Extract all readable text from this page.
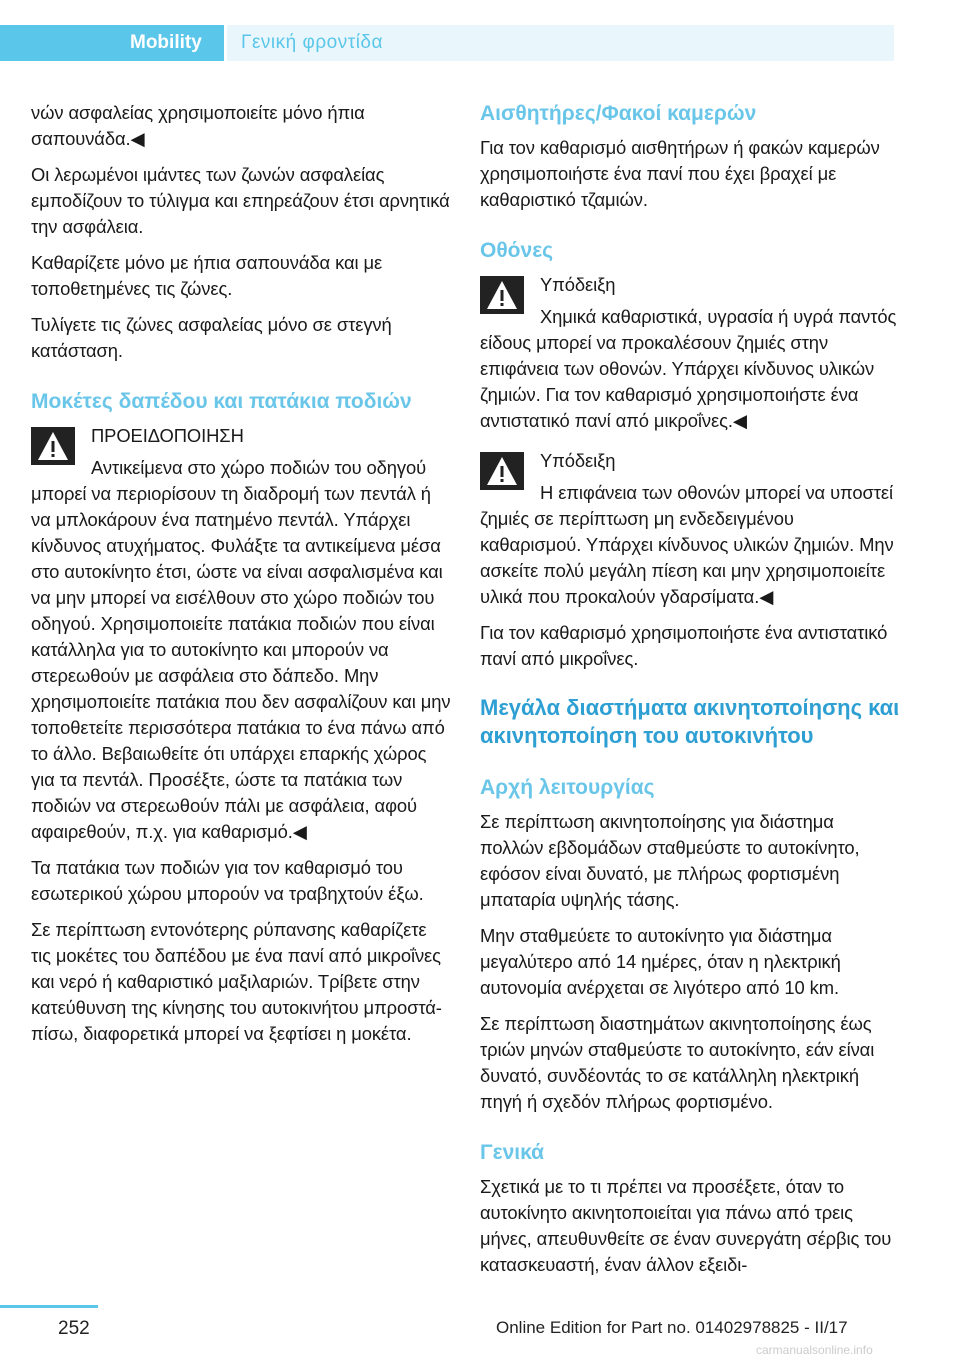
Mobility Γενική φροντίδα

νών ασφαλείας χρησιμοποιείτε μόνο ήπια σαπουνάδα.◀

Οι λερωμένοι ιμάντες των ζωνών ασφαλείας εμποδίζουν το τύλιγμα και επηρεάζουν έτσι αρνητικά την ασφάλεια.

Καθαρίζετε μόνο με ήπια σαπουνάδα και με τοποθετημένες τις ζώνες.

Τυλίγετε τις ζώνες ασφαλείας μόνο σε στεγνή κατάσταση.

Μοκέτες δαπέδου και πατάκια ποδιών

ΠΡΟΕΙΔΟΠΟΙΗΣΗ

Αντικείμενα στο χώρο ποδιών του οδηγού μπορεί να περιορίσουν τη διαδρομή των πεντάλ ή να μπλοκάρουν ένα πατημένο πεντάλ. Υπάρχει κίνδυνος ατυχήματος. Φυλάξτε τα αντικείμενα μέσα στο αυτοκίνητο έτσι, ώστε να είναι ασφαλισμένα και να μην μπορεί να εισέλθουν στο χώρο ποδιών του οδηγού. Χρησιμοποιείτε πατάκια ποδιών που είναι κατάλληλα για το αυτοκίνητο και μπορούν να στερεωθούν με ασφάλεια στο δάπεδο. Μην χρησιμοποιείτε πατάκια που δεν ασφαλίζουν και μην τοποθετείτε περισσότερα πατάκια το ένα πάνω από το άλλο. Βεβαιωθείτε ότι υπάρχει επαρκής χώρος για τα πεντάλ. Προσέξτε, ώστε τα πατάκια των ποδιών να στερεωθούν πάλι με ασφάλεια, αφού αφαιρεθούν, π.χ. για καθαρισμό.◀

Τα πατάκια των ποδιών για τον καθαρισμό του εσωτερικού χώρου μπορούν να τραβηχτούν έξω.

Σε περίπτωση εντονότερης ρύπανσης καθαρίζετε τις μοκέτες του δαπέδου με ένα πανί από μικροΐνες και νερό ή καθαριστικό μαξιλαριών. Τρίβετε στην κατεύθυνση της κίνησης του αυτοκινήτου μπροστά-πίσω, διαφορετικά μπορεί να ξεφτίσει η μοκέτα.

Αισθητήρες/Φακοί καμερών

Για τον καθαρισμό αισθητήρων ή φακών καμερών χρησιμοποιήστε ένα πανί που έχει βραχεί με καθαριστικό τζαμιών.

Οθόνες

Υπόδειξη

Χημικά καθαριστικά, υγρασία ή υγρά παντός είδους μπορεί να προκαλέσουν ζημιές στην επιφάνεια των οθονών. Υπάρχει κίνδυνος υλικών ζημιών. Για τον καθαρισμό χρησιμοποιήστε ένα αντιστατικό πανί από μικροΐνες.◀

Υπόδειξη

Η επιφάνεια των οθονών μπορεί να υποστεί ζημιές σε περίπτωση μη ενδεδειγμένου καθαρισμού. Υπάρχει κίνδυνος υλικών ζημιών. Μην ασκείτε πολύ μεγάλη πίεση και μην χρησιμοποιείτε υλικά που προκαλούν γδαρσίματα.◀

Για τον καθαρισμό χρησιμοποιήστε ένα αντιστατικό πανί από μικροΐνες.

Μεγάλα διαστήματα ακινητοποίησης και ακινητοποίηση του αυτοκινήτου
Αρχή λειτουργίας

Σε περίπτωση ακινητοποίησης για διάστημα πολλών εβδομάδων σταθμεύστε το αυτοκίνητο, εφόσον είναι δυνατό, με πλήρως φορτισμένη μπαταρία υψηλής τάσης.

Μην σταθμεύετε το αυτοκίνητο για διάστημα μεγαλύτερο από 14 ημέρες, όταν η ηλεκτρική αυτονομία ανέρχεται σε λιγότερο από 10 km.

Σε περίπτωση διαστημάτων ακινητοποίησης έως τριών μηνών σταθμεύστε το αυτοκίνητο, εάν είναι δυνατό, συνδέοντάς το σε κατάλληλη ηλεκτρική πηγή ή σχεδόν πλήρως φορτισμένο.

Γενικά

Σχετικά με το τι πρέπει να προσέξετε, όταν το αυτοκίνητο ακινητοποιείται για πάνω από τρεις μήνες, απευθυνθείτε σε έναν συνεργάτη σέρβις του κατασκευαστή, έναν άλλον εξειδι-

252	Online Edition for Part no. 01402978825 - II/17
carmanualsonline.info
